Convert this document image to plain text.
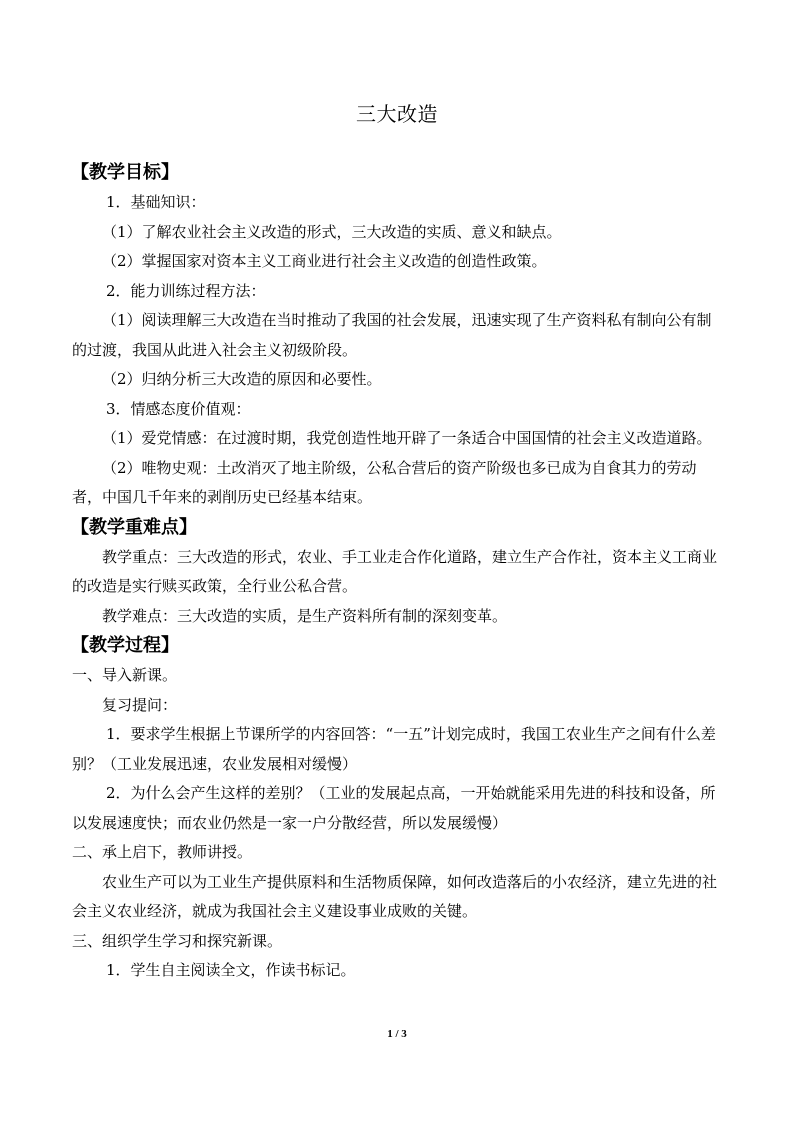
三大改造

【教学目标】

1．基础知识：

（1）了解农业社会主义改造的形式，三大改造的实质、意义和缺点。

（2）掌握国家对资本主义工商业进行社会主义改造的创造性政策。

2．能力训练过程方法：

（1）阅读理解三大改造在当时推动了我国的社会发展，迅速实现了生产资料私有制向公有制的过渡，我国从此进入社会主义初级阶段。

（2）归纳分析三大改造的原因和必要性。

3．情感态度价值观：

（1）爱党情感：在过渡时期，我党创造性地开辟了一条适合中国国情的社会主义改造道路。

（2）唯物史观：土改消灭了地主阶级，公私合营后的资产阶级也多已成为自食其力的劳动者，中国几千年来的剥削历史已经基本结束。

【教学重难点】

教学重点：三大改造的形式，农业、手工业走合作化道路，建立生产合作社，资本主义工商业的改造是实行赎买政策，全行业公私合营。

教学难点：三大改造的实质，是生产资料所有制的深刻变革。

【教学过程】

一、导入新课。

复习提问：

1．要求学生根据上节课所学的内容回答：“一五”计划完成时，我国工农业生产之间有什么差别？（工业发展迅速，农业发展相对缓慢）

2．为什么会产生这样的差别？（工业的发展起点高，一开始就能采用先进的科技和设备，所以发展速度快；而农业仍然是一家一户分散经营，所以发展缓慢）

二、承上启下，教师讲授。

农业生产可以为工业生产提供原料和生活物质保障，如何改造落后的小农经济，建立先进的社会主义农业经济，就成为我国社会主义建设事业成败的关键。

三、组织学生学习和探究新课。

1．学生自主阅读全文，作读书标记。

1 / 3
